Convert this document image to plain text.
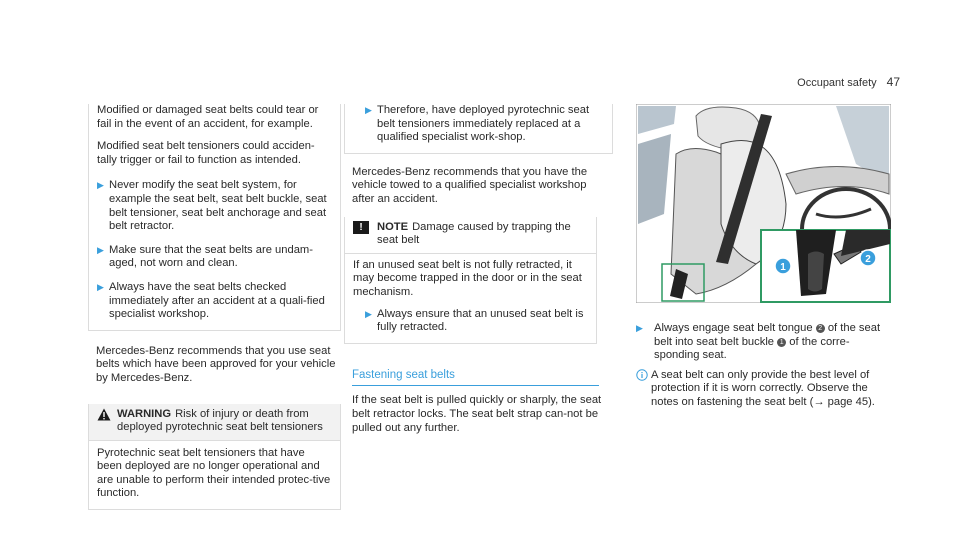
Occupant safety 47

Modified or damaged seat belts could tear or fail in the event of an accident, for example.

Modified seat belt tensioners could acciden-tally trigger or fail to function as intended.

▶ Never modify the seat belt system, for example the seat belt, seat belt buckle, seat belt tensioner, seat belt anchorage and seat belt retractor.
▶ Make sure that the seat belts are undam-aged, not worn and clean.
▶ Always have the seat belts checked immediately after an accident at a quali-fied specialist workshop.

Mercedes-Benz recommends that you use seat belts which have been approved for your vehicle by Mercedes-Benz.

WARNING Risk of injury or death from deployed pyrotechnic seat belt tensioners

Pyrotechnic seat belt tensioners that have been deployed are no longer operational and are unable to perform their intended protec-tive function.

▶ Therefore, have deployed pyrotechnic seat belt tensioners immediately replaced at a qualified specialist work-shop.

Mercedes-Benz recommends that you have the vehicle towed to a qualified specialist workshop after an accident.

!	NOTE Damage caused by trapping the seat belt

If an unused seat belt is not fully retracted, it may become trapped in the door or in the seat mechanism.

▶ Always ensure that an unused seat belt is fully retracted.
Fastening seat belts

If the seat belt is pulled quickly or sharply, the seat belt retractor locks. The seat belt strap can-not be pulled out any further.

1
2
▶ Always engage seat belt tongue 2 of the seat belt into seat belt buckle 1 of the corre-sponding seat.
A seat belt can only provide the best level of protection if it is worn correctly. Observe the notes on fastening the seat belt (→ page 45).
